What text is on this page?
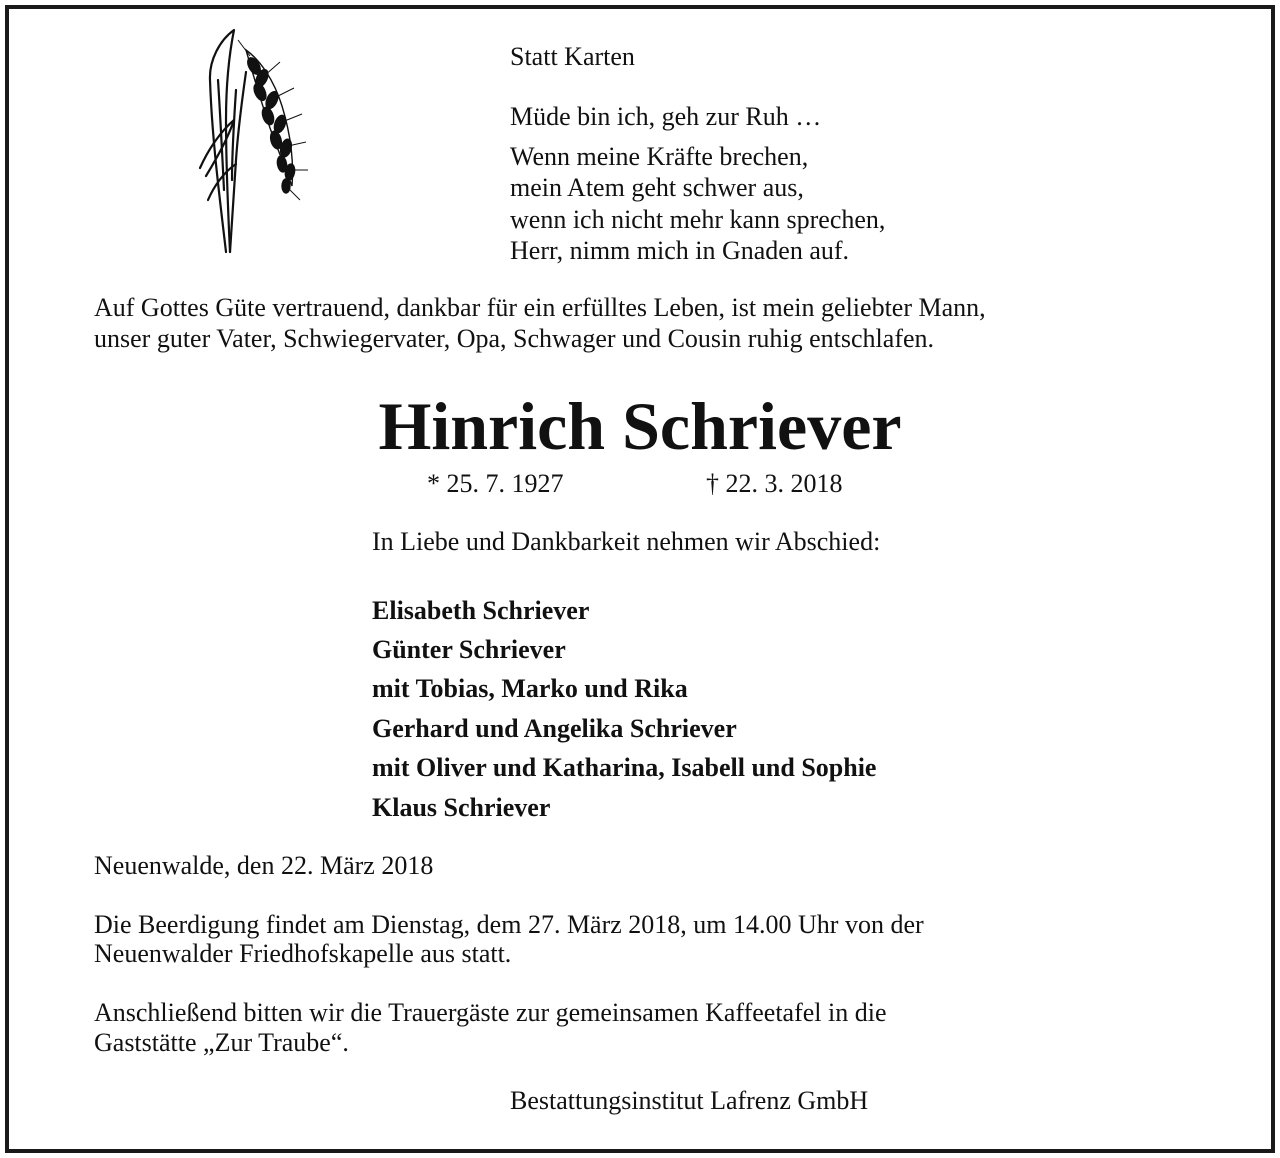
Statt Karten
Müde bin ich, geh zur Ruh …
Wenn meine Kräfte brechen,
mein Atem geht schwer aus,
wenn ich nicht mehr kann sprechen,
Herr, nimm mich in Gnaden auf.
Auf Gottes Güte vertrauend, dankbar für ein erfülltes Leben, ist mein geliebter Mann,
unser guter Vater, Schwiegervater, Opa, Schwager und Cousin ruhig entschlafen.
Hinrich Schriever
* 25. 7. 1927	† 22. 3. 2018
In Liebe und Dankbarkeit nehmen wir Abschied:
Elisabeth Schriever
Günter Schriever
mit Tobias, Marko und Rika
Gerhard und Angelika Schriever
mit Oliver und Katharina, Isabell und Sophie
Klaus Schriever
Neuenwalde, den 22. März 2018
Die Beerdigung findet am Dienstag, dem 27. März 2018, um 14.00 Uhr von der
Neuenwalder Friedhofskapelle aus statt.
Anschließend bitten wir die Trauergäste zur gemeinsamen Kaffeetafel in die
Gaststätte „Zur Traube“.
Bestattungsinstitut Lafrenz GmbH
